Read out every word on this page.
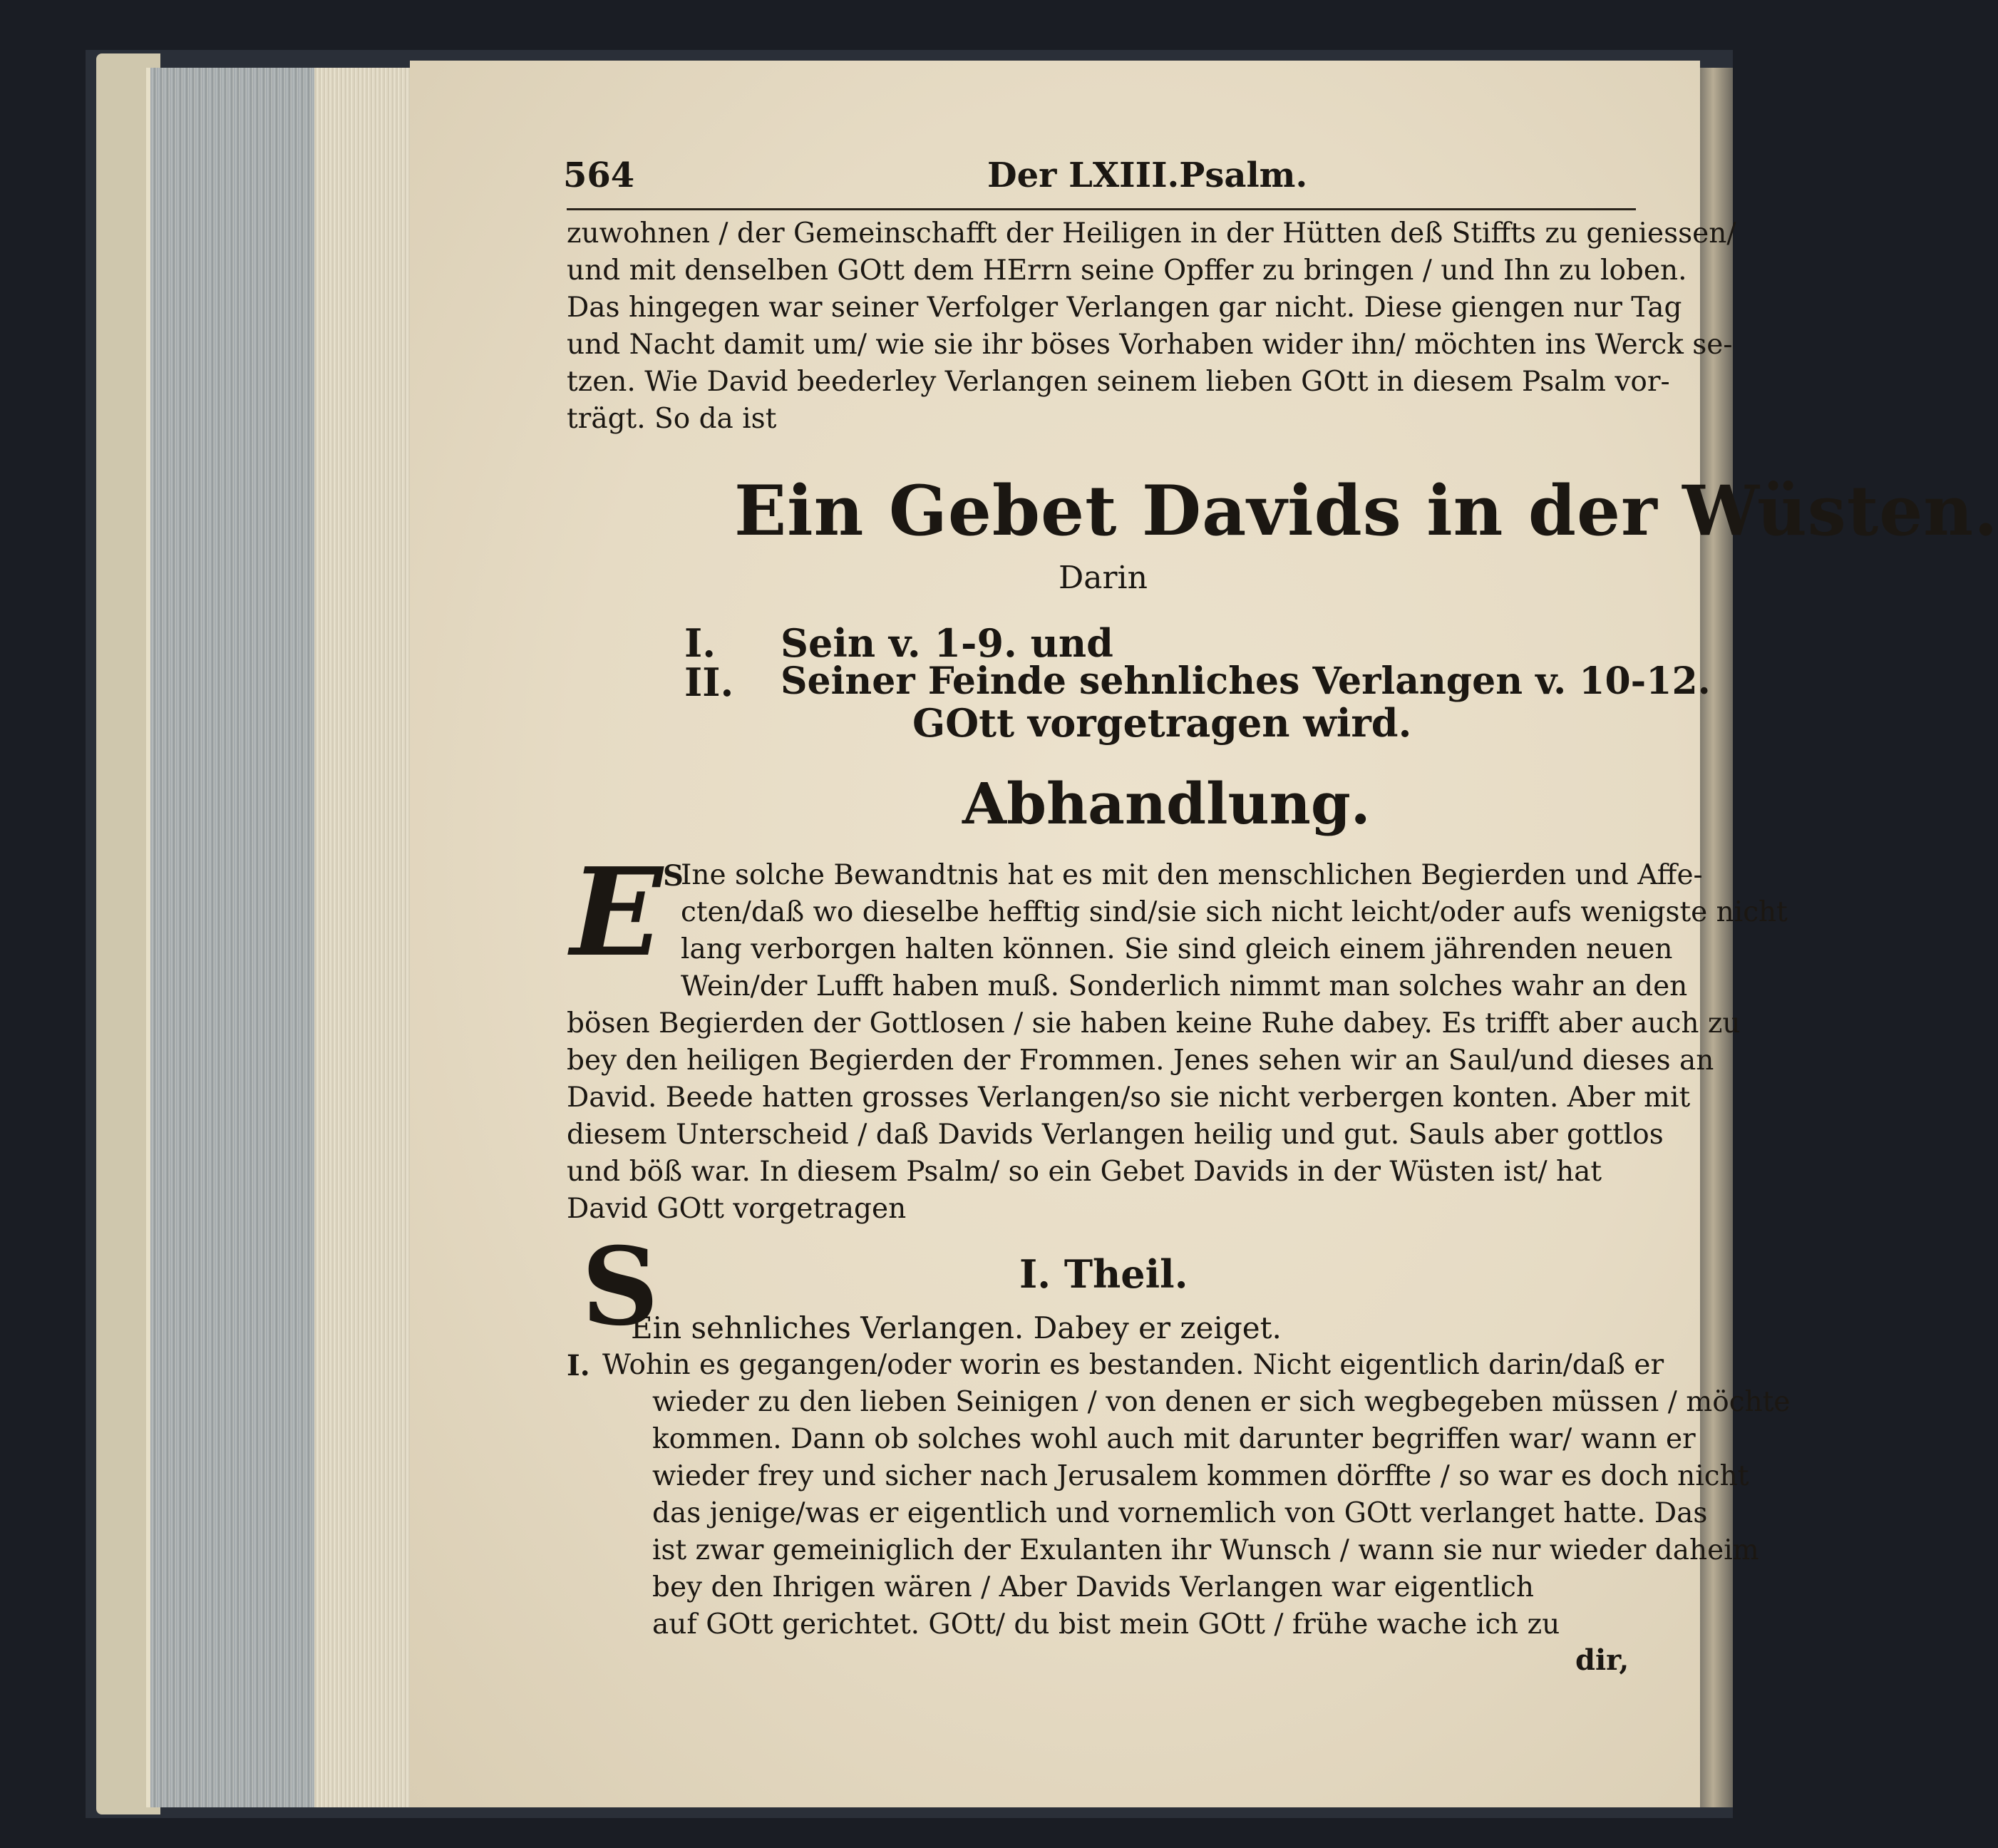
564	Der LXIII.Psalm.
zuwohnen / der Gemeinschafft der Heiligen in der Hütten deß Stiffts zu geniessen/
und mit denselben GOtt dem HErrn seine Opffer zu bringen / und Ihn zu loben.
Das hingegen war seiner Verfolger Verlangen gar nicht. Diese giengen nur Tag
und Nacht damit um/ wie sie ihr böses Vorhaben wider ihn/ möchten ins Werck se-
tzen. Wie David beederley Verlangen seinem lieben GOtt in diesem Psalm vor-
trägt. So da ist
Ein Gebet Davids in der Wüsten.
Darin
I. Sein v. 1-9. und
II. Seiner Feinde sehnliches Verlangen v. 10-12.
GOtt vorgetragen wird.
Abhandlung.
E S
Ine solche Bewandtnis hat es mit den menschlichen Begierden und Affe-
cten/daß wo dieselbe hefftig sind/sie sich nicht leicht/oder aufs wenigste nicht
lang verborgen halten können. Sie sind gleich einem jährenden neuen
Wein/der Lufft haben muß. Sonderlich nimmt man solches wahr an den
bösen Begierden der Gottlosen / sie haben keine Ruhe dabey. Es trifft aber auch zu
bey den heiligen Begierden der Frommen. Jenes sehen wir an Saul/und dieses an
David. Beede hatten grosses Verlangen/so sie nicht verbergen konten. Aber mit
diesem Unterscheid / daß Davids Verlangen heilig und gut. Sauls aber gottlos
und böß war. In diesem Psalm/ so ein Gebet Davids in der Wüsten ist/ hat
David GOtt vorgetragen
S	I. Theil.
Ein sehnliches Verlangen. Dabey er zeiget.
I. Wohin es gegangen/oder worin es bestanden. Nicht eigentlich darin/daß er
wieder zu den lieben Seinigen / von denen er sich wegbegeben müssen / möchte
kommen. Dann ob solches wohl auch mit darunter begriffen war/ wann er
wieder frey und sicher nach Jerusalem kommen dörffte / so war es doch nicht
das jenige/was er eigentlich und vornemlich von GOtt verlanget hatte. Das
ist zwar gemeiniglich der Exulanten ihr Wunsch / wann sie nur wieder daheim
bey den Ihrigen wären / Aber Davids Verlangen war eigentlich
auf GOtt gerichtet. GOtt/ du bist mein GOtt / frühe wache ich zu
dir,
